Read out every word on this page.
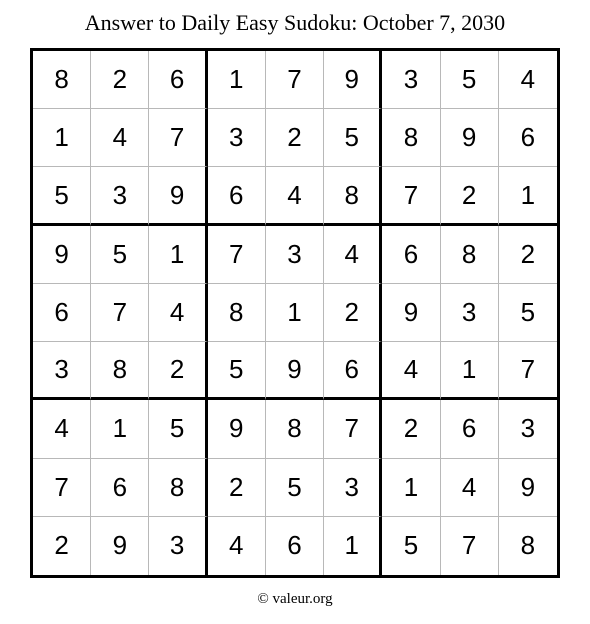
Answer to Daily Easy Sudoku: October 7, 2030
8	2	6	1	7	9	3	5	4
1	4	7	3	2	5	8	9	6
5	3	9	6	4	8	7	2	1
9	5	1	7	3	4	6	8	2
6	7	4	8	1	2	9	3	5
3	8	2	5	9	6	4	1	7
4	1	5	9	8	7	2	6	3
7	6	8	2	5	3	1	4	9
2	9	3	4	6	1	5	7	8
© valeur.org
